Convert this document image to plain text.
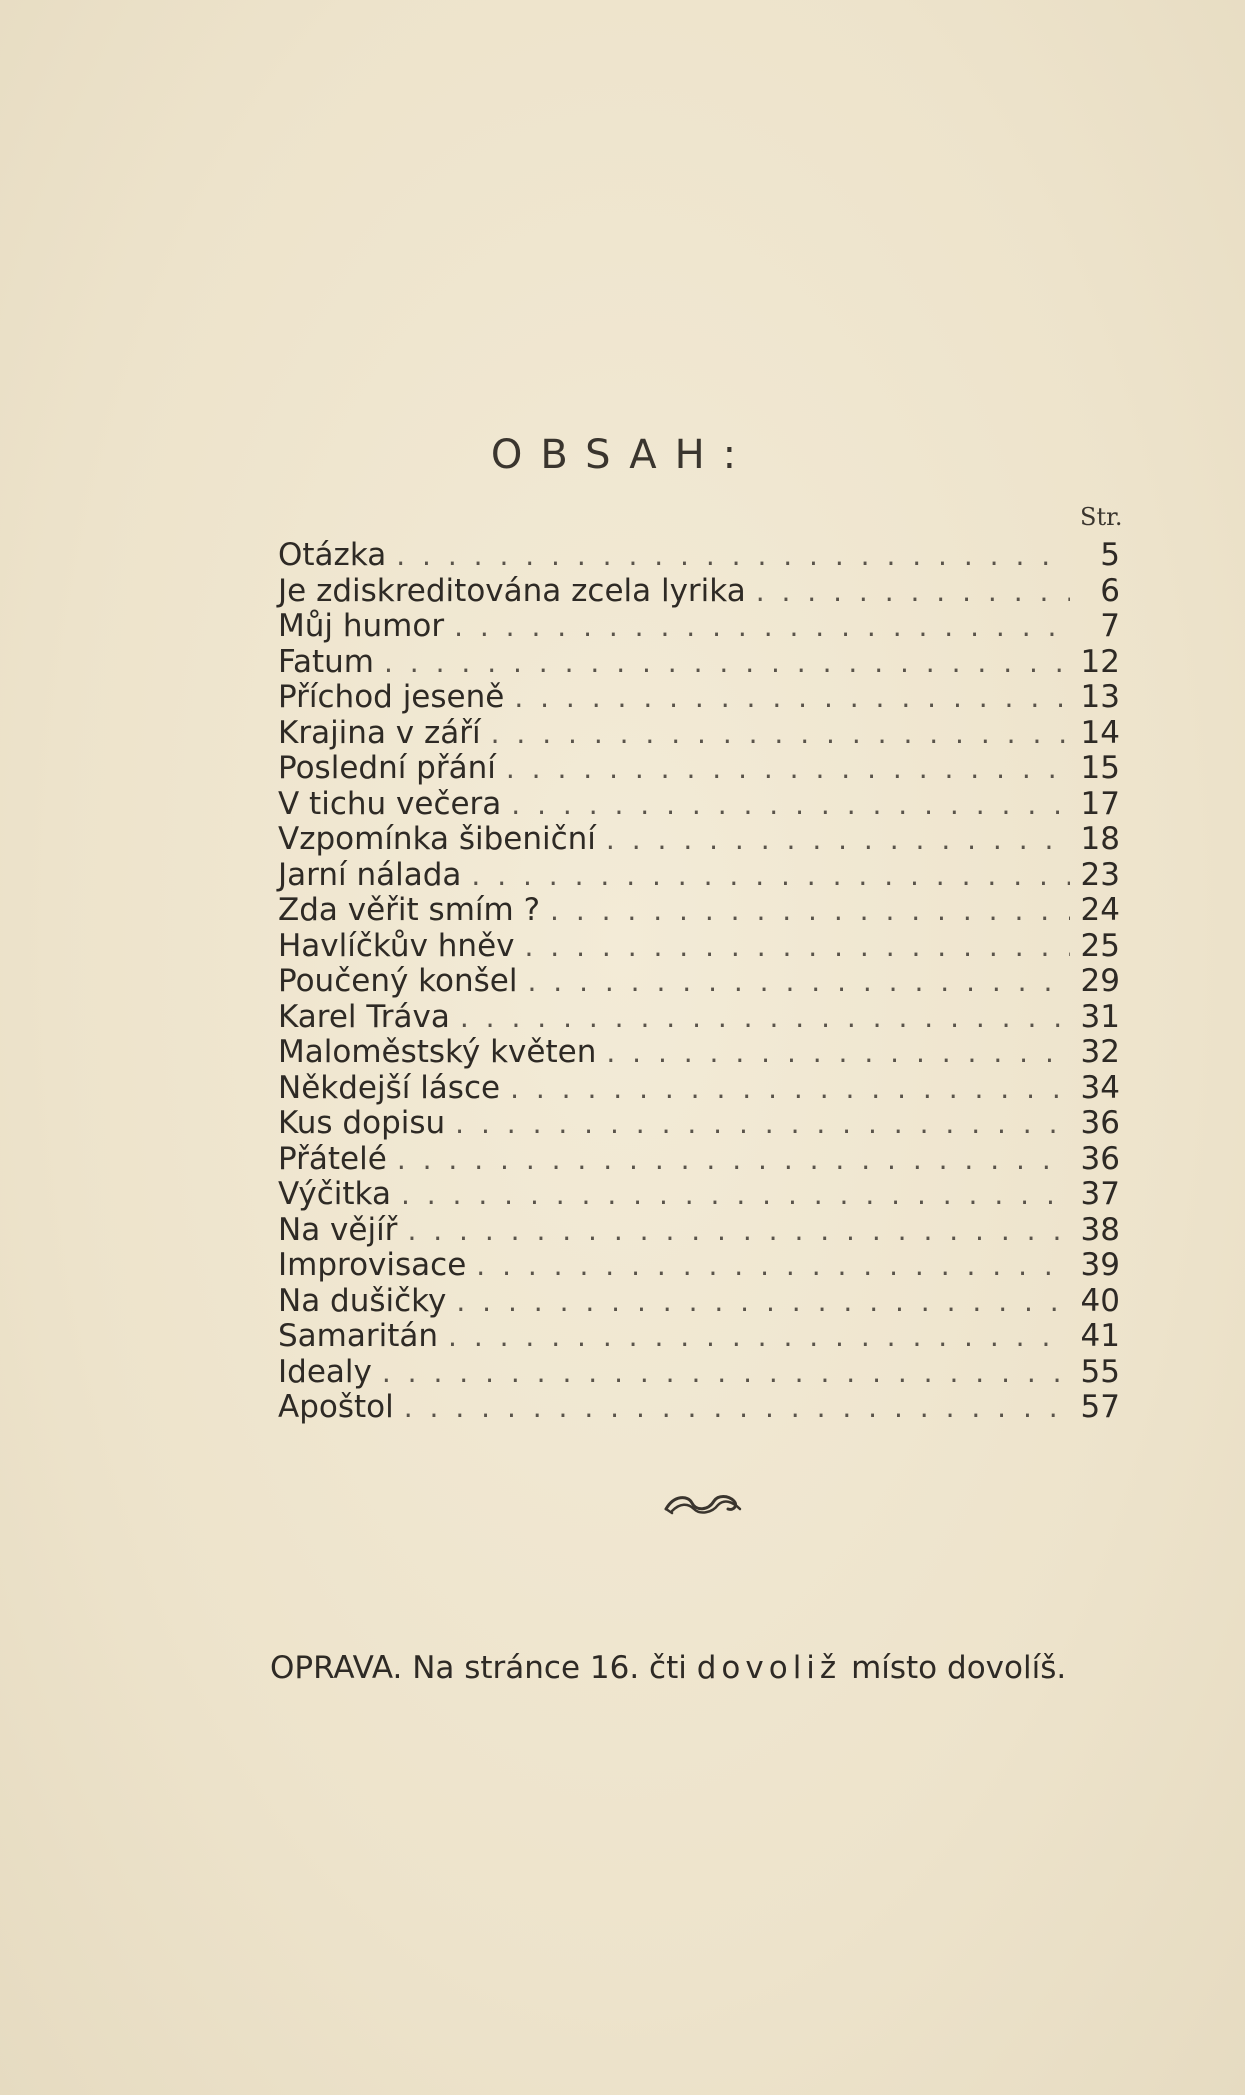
OBSAH:
Str.
Otázka . . .	5
Je zdiskreditována zcela lyrika . . .	6
Můj humor . . .	7
Fatum . . .	12
Příchod jeseně . . .	13
Krajina v září . . .	14
Poslední přání . . .	15
V tichu večera . . .	17
Vzpomínka šibeniční . . .	18
Jarní nálada . . .	23
Zda věřit smím ? . . .	24
Havlíčkův hněv . . .	25
Poučený konšel . . .	29
Karel Tráva . . .	31
Maloměstský květen . . .	32
Někdejší lásce . . .	34
Kus dopisu . . .	36
Přátelé . . .	36
Výčitka . . .	37
Na vějíř . . .	38
Improvisace . . .	39
Na dušičky . . .	40
Samaritán . . .	41
Idealy . . .	55
Apoštol . . .	57
OPRAVA. Na stránce 16. čti dovoliž místo dovolíš.
